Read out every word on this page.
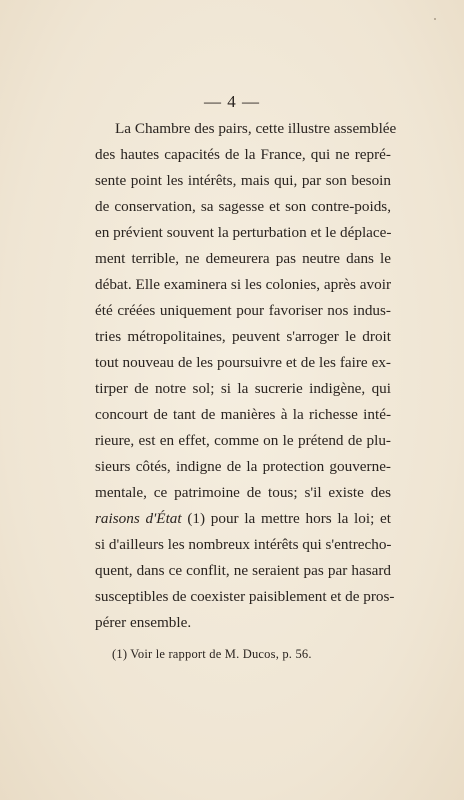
— 4 —
La Chambre des pairs, cette illustre assemblée
des hautes capacités de la France, qui ne repré-
sente point les intérêts, mais qui, par son besoin
de conservation, sa sagesse et son contre-poids,
en prévient souvent la perturbation et le déplace-
ment terrible, ne demeurera pas neutre dans le
débat. Elle examinera si les colonies, après avoir
été créées uniquement pour favoriser nos indus-
tries métropolitaines, peuvent s'arroger le droit
tout nouveau de les poursuivre et de les faire ex-
tirper de notre sol; si la sucrerie indigène, qui
concourt de tant de manières à la richesse inté-
rieure, est en effet, comme on le prétend de plu-
sieurs côtés, indigne de la protection gouverne-
mentale, ce patrimoine de tous; s'il existe des
raisons d'État (1) pour la mettre hors la loi; et
si d'ailleurs les nombreux intérêts qui s'entrecho-
quent, dans ce conflit, ne seraient pas par hasard
susceptibles de coexister paisiblement et de pros-
pérer ensemble.
(1) Voir le rapport de M. Ducos, p. 56.
